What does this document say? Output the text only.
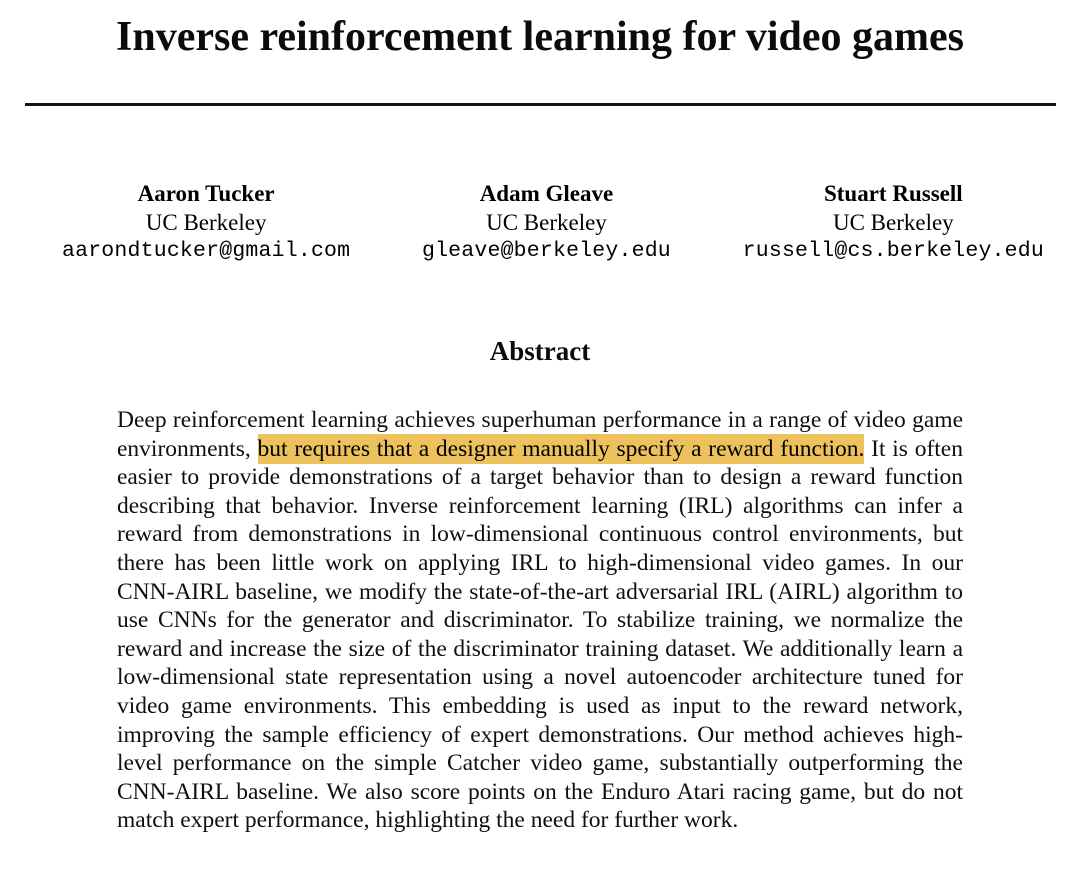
Inverse reinforcement learning for video games
Aaron Tucker
UC Berkeley
aarondtucker@gmail.com
Adam Gleave
UC Berkeley
gleave@berkeley.edu
Stuart Russell
UC Berkeley
russell@cs.berkeley.edu
Abstract

Deep reinforcement learning achieves superhuman performance in a range of video game environments, but requires that a designer manually specify a reward function. It is often easier to provide demonstrations of a target behavior than to design a reward function describing that behavior. Inverse reinforcement learning (IRL) algorithms can infer a reward from demonstrations in low-dimensional continuous control environments, but there has been little work on applying IRL to high-dimensional video games. In our CNN-AIRL baseline, we modify the state-of-the-art adversarial IRL (AIRL) algorithm to use CNNs for the generator and discriminator. To stabilize training, we normalize the reward and increase the size of the discriminator training dataset. We additionally learn a low-dimensional state representation using a novel autoencoder architecture tuned for video game environments. This embedding is used as input to the reward network, improving the sample efficiency of expert demonstrations. Our method achieves high-level performance on the simple Catcher video game, substantially outperforming the CNN-AIRL baseline. We also score points on the Enduro Atari racing game, but do not match expert performance, highlighting the need for further work.
